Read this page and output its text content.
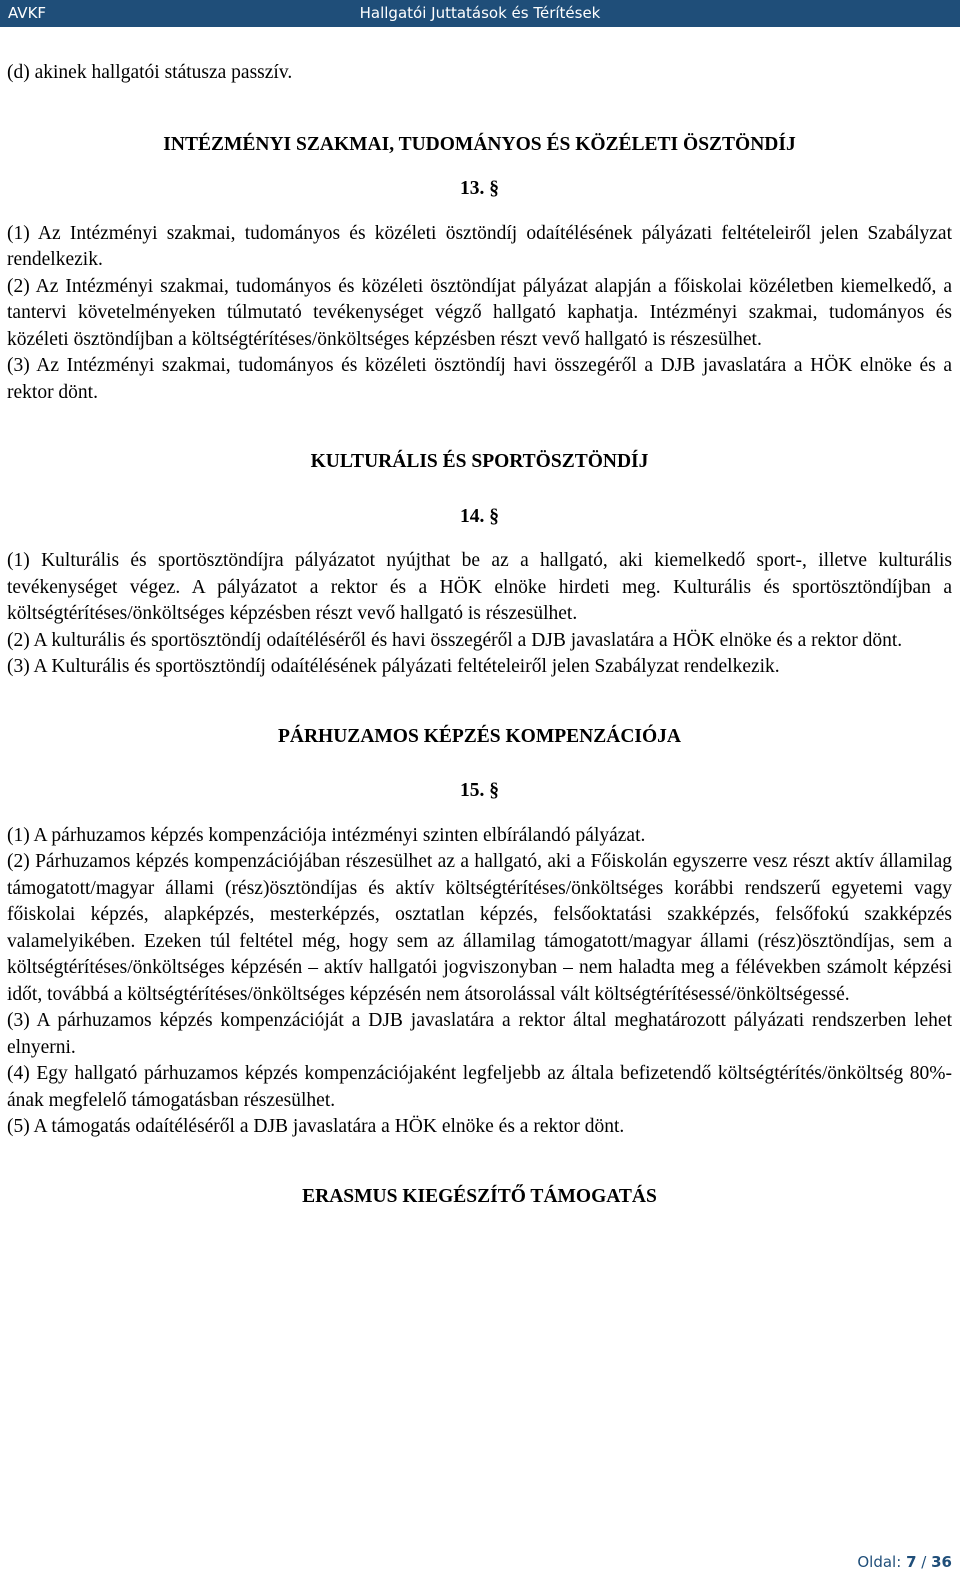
AVKF	Hallgatói Juttatások és Térítések

(d) akinek hallgatói státusza passzív.

INTÉZMÉNYI SZAKMAI, TUDOMÁNYOS ÉS KÖZÉLETI ÖSZTÖNDÍJ
13. §

(1) Az Intézményi szakmai, tudományos és közéleti ösztöndíj odaítélésének pályázati feltételeiről jelen Szabályzat rendelkezik.

(2) Az Intézményi szakmai, tudományos és közéleti ösztöndíjat pályázat alapján a főiskolai közéletben kiemelkedő, a tantervi követelményeken túlmutató tevékenységet végző hallgató kaphatja. Intézményi szakmai, tudományos és közéleti ösztöndíjban a költségtérítéses/önköltséges képzésben részt vevő hallgató is részesülhet.

(3) Az Intézményi szakmai, tudományos és közéleti ösztöndíj havi összegéről a DJB javaslatára a HÖK elnöke és a rektor dönt.

KULTURÁLIS ÉS SPORTÖSZTÖNDÍJ
14. §

(1) Kulturális és sportösztöndíjra pályázatot nyújthat be az a hallgató, aki kiemelkedő sport-, illetve kulturális tevékenységet végez. A pályázatot a rektor és a HÖK elnöke hirdeti meg. Kulturális és sportösztöndíjban a költségtérítéses/önköltséges képzésben részt vevő hallgató is részesülhet.

(2) A kulturális és sportösztöndíj odaítéléséről és havi összegéről a DJB javaslatára a HÖK elnöke és a rektor dönt.

(3) A Kulturális és sportösztöndíj odaítélésének pályázati feltételeiről jelen Szabályzat rendelkezik.

PÁRHUZAMOS KÉPZÉS KOMPENZÁCIÓJA
15. §

(1) A párhuzamos képzés kompenzációja intézményi szinten elbírálandó pályázat.

(2) Párhuzamos képzés kompenzációjában részesülhet az a hallgató, aki a Főiskolán egyszerre vesz részt aktív államilag támogatott/magyar állami (rész)ösztöndíjas és aktív költségtérítéses/önköltséges korábbi rendszerű egyetemi vagy főiskolai képzés, alapképzés, mesterképzés, osztatlan képzés, felsőoktatási szakképzés, felsőfokú szakképzés valamelyikében. Ezeken túl feltétel még, hogy sem az államilag támogatott/magyar állami (rész)ösztöndíjas, sem a költségtérítéses/önköltséges képzésén – aktív hallgatói jogviszonyban – nem haladta meg a félévekben számolt képzési időt, továbbá a költségtérítéses/önköltséges képzésén nem átsorolással vált költségtérítésessé/önköltségessé.

(3) A párhuzamos képzés kompenzációját a DJB javaslatára a rektor által meghatározott pályázati rendszerben lehet elnyerni.

(4) Egy hallgató párhuzamos képzés kompenzációjaként legfeljebb az általa befizetendő költségtérítés/önköltség 80%-ának megfelelő támogatásban részesülhet.

(5) A támogatás odaítéléséről a DJB javaslatára a HÖK elnöke és a rektor dönt.

ERASMUS KIEGÉSZÍTŐ TÁMOGATÁS
Oldal: 7 / 36
